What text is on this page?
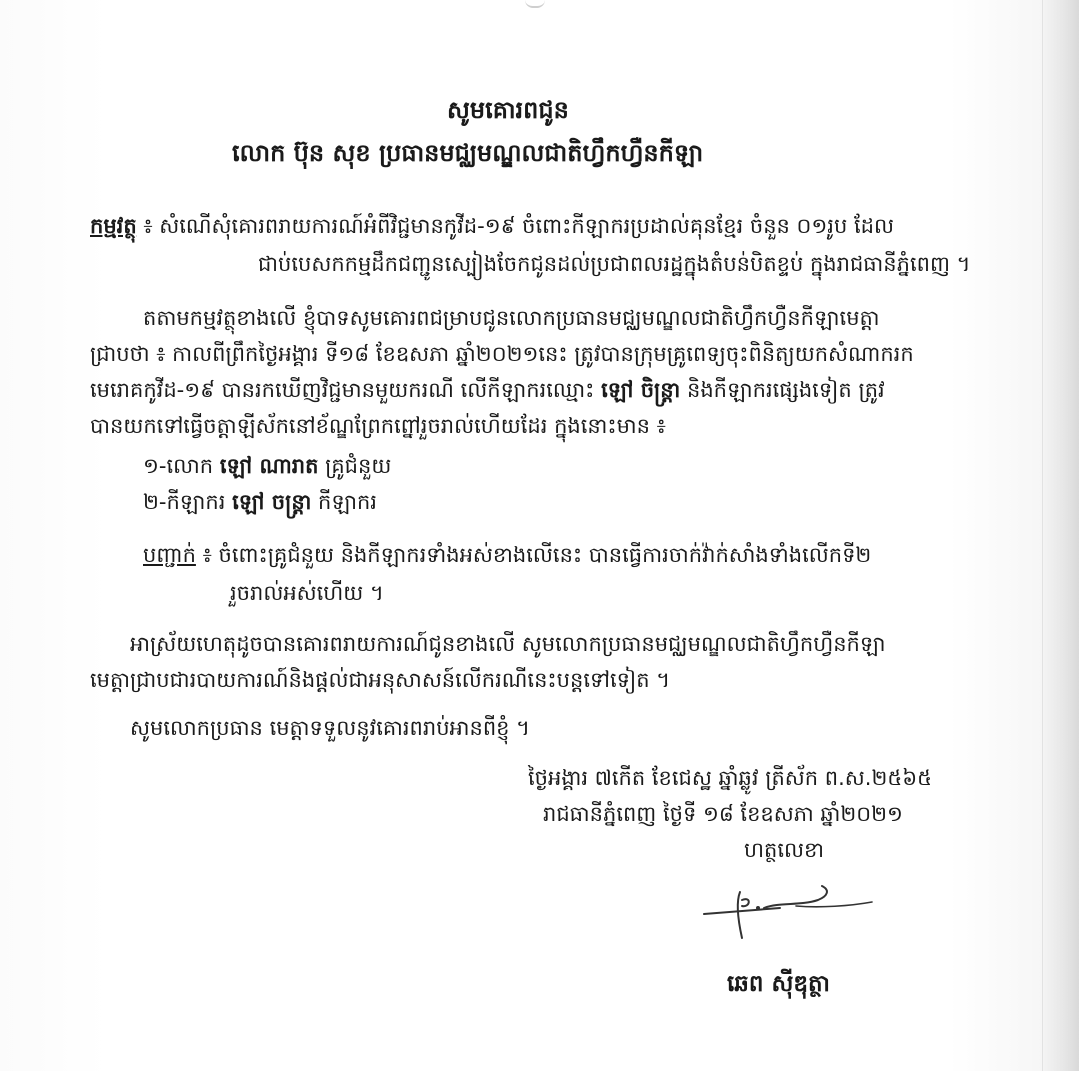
សូមគោរពជូន
លោក ប៊ុន សុខ ប្រធានមជ្ឈមណ្ឌលជាតិហ្វឹកហ្វឺនកីឡា
កម្មវត្ថុ ៖ សំណើសុំគោរពរាយការណ៍អំពីវិជ្ជមានកូវីដ-១៩ ចំពោះកីឡាករប្រដាល់គុនខ្មែរ ចំនួន ០១រូប ដែល
ជាប់បេសកកម្មដឹកជញ្ជូនស្បៀងចែកជូនដល់ប្រជាពលរដ្ឋក្នុងតំបន់បិតខ្ទប់ ក្នុងរាជធានីភ្នំពេញ ។
តតាមកម្មវត្ថុខាងលើ ខ្ញុំបាទសូមគោរពជម្រាបជូនលោកប្រធានមជ្ឈមណ្ឌលជាតិហ្វឹកហ្វឺនកីឡាមេត្តា
ជ្រាបថា ៖ កាលពីព្រឹកថ្ងៃអង្គារ ទី១៨ ខែឧសភា ឆ្នាំ២០២១នេះ ត្រូវបានក្រុមគ្រូពេទ្យចុះពិនិត្យយកសំណាករក
មេរោគកូវីដ-១៩ បានរកឃើញវិជ្ជមានមួយករណី លើកីឡាករឈ្មោះ ឡៅ ចិន្ត្រា និងកីឡាករផ្សេងទៀត ត្រូវ
បានយកទៅធ្វើចត្តាឡីស័កនៅខ័ណ្ឌព្រែកព្នៅរួចរាល់ហើយដែរ ក្នុងនោះមាន ៖
១-លោក ឡៅ ណារាត គ្រូជំនួយ
២-កីឡាករ ឡៅ ចន្ត្រា កីឡាករ
បញ្ជាក់ ៖ ចំពោះគ្រូជំនួយ និងកីឡាករទាំងអស់ខាងលើនេះ បានធ្វើការចាក់វ៉ាក់សាំងទាំងលើកទី២
រួចរាល់អស់ហើយ ។
អាស្រ័យហេតុដូចបានគោរពរាយការណ៍ជូនខាងលើ សូមលោកប្រធានមជ្ឈមណ្ឌលជាតិហ្វឹកហ្វឺនកីឡា
មេត្តាជ្រាបជារបាយការណ៍និងផ្តល់ជាអនុសាសន៍លើករណីនេះបន្តទៅទៀត ។
សូមលោកប្រធាន មេត្តាទទួលនូវគោរពរាប់អានពីខ្ញុំ ។
ថ្ងៃអង្គារ ៧កើត ខែជេស្ឋ ឆ្នាំឆ្លូវ ត្រីស័ក ព.ស.២៥៦៥
រាជធានីភ្នំពេញ ថ្ងៃទី ១៨ ខែឧសភា ឆ្នាំ២០២១
ហត្ថលេខា
ឆេព ស៊ីឌុត្ថា
